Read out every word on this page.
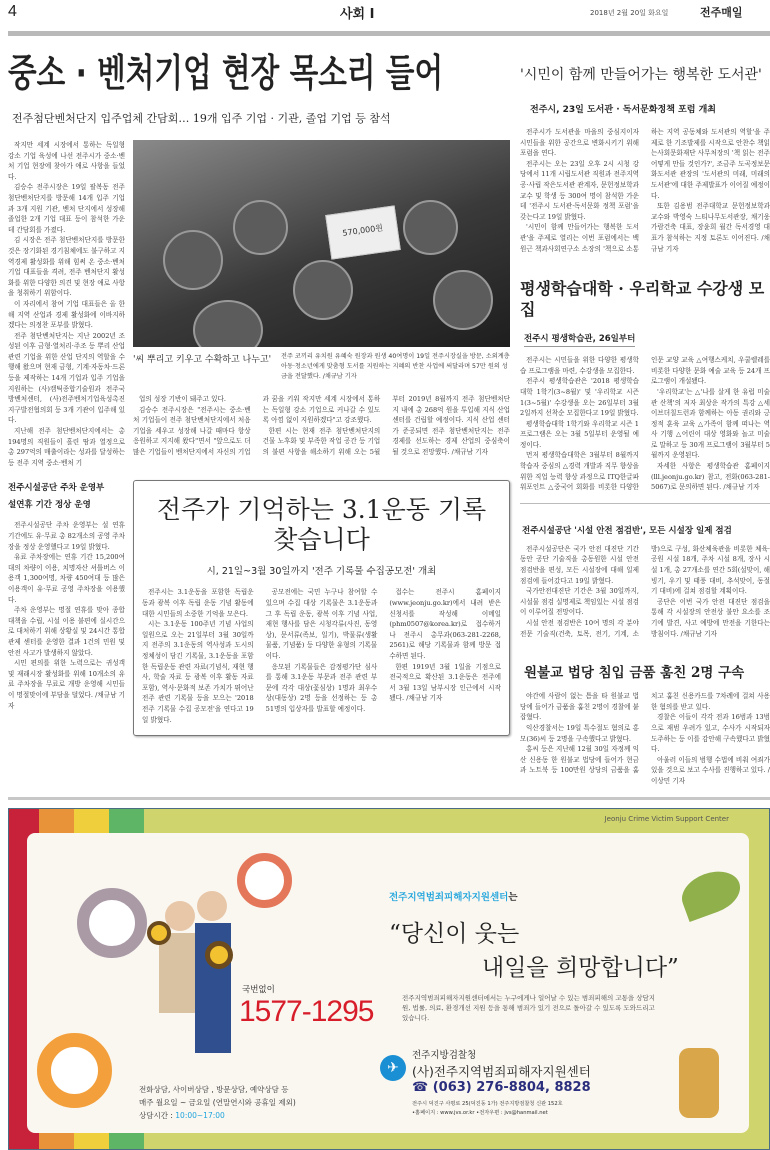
4	사회 I	2018년 2월 20일 화요일	전주매일
중소 · 벤처기업 현장 목소리 들어
전주첨단벤처단지 입주업체 간담회… 19개 입주 기업 · 기관, 졸업 기업 등 참석

작지만 세계 시장에서 통하는 독일형 강소 기업 육성에 나선 전주시가 중소·벤처 기업 현장에 찾아가 애로 사항을 들었다.

김승수 전주시장은 19일 팔복동 전주 첨단벤처단지를 방문해 14개 입주 기업과 3개 지원 기관, 벤처 단지에서 성장해 졸업한 2개 기업 대표 등이 참석한 가운데 간담회를 가졌다.

김 시장은 전주 첨단벤처단지를 방문한 것은 장기화된 경기침체에도 불구하고 지역경제 활성화를 위해 힘써 온 중소·벤처기업 대표들을 격려, 전주 벤처단지 활성화를 위한 다양한 의견 및 현장 애로 사항을 청취하기 위함이다.

이 자리에서 참여 기업 대표들은 올 한해 지역 산업과 경제 활성화에 이바지하겠다는 의정찬 포부를 밝혔다.

전주 첨단벤처단지는 지난 2002년 조성된 이후 금형·열처리·주조 등 뿌리 산업 관련 기업을 위한 산업 단지의 역할을 수행해 왔으며 현재 금형, 기계·자동차·드론 등을 제작하는 14개 기업과 입주 기업을 지원하는 (사)캠틱종합기술원과 전주국방벤처센터, (사)전주벤처기업육성촉진지구발전협의회 등 3개 기관이 입주해 있다.

지난해 전주 첨단벤처단지에서는 총 194명의 직원들이 흘린 땀과 열정으로 총 297억의 매출이라는 성과를 달성하는 등 전주 지역 중소·벤처 기

570,000원
'씨 뿌리고 키우고 수확하고 나누고'	전주 코끼리 유치원 유혜숙 원장과 원생 40여명이 19일 전주시장실을 방문, 소외계층 아동·청소년에게 맞춤형 도서를 지원하는 지혜의 반찬 사업에 써달라며 57만 원의 성금을 전달했다. /채규남 기자

업의 성장 기반이 돼주고 있다.

김승수 전주시장은 "전주시는 중소·벤처 기업들이 전주 첨단벤처단지에서 처음 기업을 세우고 성장해 나갈 때마다 항상 응원하고 지지해 왔다"면서 "앞으로도 더 많은 기업들이 벤처단지에서 자신의 기업과 꿈을 키워 작지만 세계 시장에서 통하는 독일형 강소 기업으로 커나갈 수 있도록 아낌 없이 지원하겠다"고 강조했다.

한편 시는 현재 전주 첨단벤처단지의 건물 노후화 및 부족한 작업 공간 등 기업의 불편 사항을 해소하기 위해 오는 5월부터 2019년 8월까지 전주 첨단벤처단지 내에 총 268억 원을 투입해 지식 산업 센터를 건립할 예정이다. 지식 산업 센터가 준공되면 전주 첨단벤처단지는 전주 경제를 선도하는 경제 산업의 중심축이 될 것으로 전망했다. /채규남 기자

전주시설공단 주차 운영부
설연휴 기간 정상 운영

전주시설공단 주차 운영부는 설 연휴 기간에도 유·무료 총 82개소의 공영 주차장을 정상 운영했다고 19일 밝혔다.

유료 주차장에는 연휴 기간 15,200여 대의 차량이 이용, 치명자산 셔틀버스 이용객 1,300여명, 차량 450여대 등 많은 이용객이 유·무료 공영 주차장을 이용했다.

주차 운영부는 명절 연휴를 맞아 종합 대책을 수립, 시설 이용 불편에 실시간으로 대처하기 위해 상황실 및 24시간 통합 관제 센터를 운영한 결과 1건의 민원 및 안전 사고가 발생하지 않았다.

시민 편의를 위한 노력으로는 귀성객 및 재래시장 활성화를 위해 10개소의 유료 주차장을 무료로 개방 운영해 시민들이 명절맞이에 부담을 덜었다. /채규남 기자

전주가 기억하는 3.1운동 기록 찾습니다
시, 21일~3월 30일까지 '전주 기록물 수집공모전' 개최

전주시는 3.1운동을 포함한 독립운동과 광복 이후 독립 운동 기념 활동에 대한 시민들의 소중한 기억을 모은다.

시는 3.1운동 100주년 기념 사업의 일원으로 오는 21일부터 3월 30일까지 전주의 3.1운동의 역사성과 도시의 정체성이 담긴 기록물, 3.1운동을 포함한 독립운동 관련 자료(기념식, 재현 행사, 학술 자료 등 광복 이후 활동 자료 포함), 역사·문화적 보존 가치가 뛰어난 전주 관련 기록물 등을 모으는 '2018 전주 기록물 수집 공모전'을 연다고 19일 밝혔다.

공모전에는 국민 누구나 참여할 수 있으며 수집 대상 기록물은 3.1운동과 그 후 독립 운동, 광복 이후 기념 사업, 재현 행사를 담은 시청각류(사진, 동영상), 문서류(족보, 일기), 박물류(생활 물품, 기념품) 등 다양한 유형의 기록물이다.

응모된 기록물들은 감정평가단 심사를 통해 3.1운동 부문과 전주 관련 부문에 각각 대상(꽃심상) 1명과 최우수상(대동상) 2명 등을 선정하는 등 총 51명의 입상자를 발표할 예정이다.

접수는 전주시 홈페이지(www.jeonju.go.kr)에서 내려 받은 신청서를 작성해 이메일(phm0507@korea.kr)로 접수하거나 전주시 총무과(063-281-2268, 2561)로 해당 기록물과 함께 방문 접수하면 된다.

한편 1919년 3월 1일을 기점으로 전국적으로 확산된 3.1운동은 전주에서 3월 13일 남부시장 인근에서 시작됐다. /채규남 기자

'시민이 함께 만들어가는 행복한 도서관'
전주시, 23일 도서관 · 독서문화정책 포럼 개최

전주시가 도서관을 마을의 중심지이자 시민들을 위한 공간으로 변화시키기 위해 포럼을 연다.

전주시는 오는 23일 오후 2시 시청 강당에서 11개 시립도서관 직원과 전주지역 공·사립 작은도서관 관계자, 문헌정보학과 교수 및 학생 등 300여 명이 참석한 가운데 '전주시 도서관·독서문화 정책 포럼'을 갖는다고 19일 밝혔다.

'시민이 함께 만들어가는 행복한 도서관'을 주제로 열리는 이번 포럼에서는 백원근 책과사회연구소 소장의 '책으로 소통하는 지역 공동체와 도서관의 역할'을 주제로 한 기조발제를 시작으로 안찬수 책읽는사회문화재단 사무처장의 '책 읽는 전주 어떻게 만들 것인가?', 조금주 도곡정보문화도서관 관장의 '도서관의 미래, 미래의 도서관'에 대한 주제발표가 이어질 예정이다.

또한 김용범 전주대학교 문헌정보학과 교수와 박영숙 느티나무도서관장, 채기웅 가람건축 대표, 장윤희 월간 독서경영 대표가 참석하는 지정 토론도 이어진다. /채규남 기자

평생학습대학 · 우리학교 수강생 모집
전주시 평생학습관, 26일부터

전주시는 시민들을 위한 다양한 평생학습 프로그램을 마련, 수강생을 모집한다.

전주시 평생학습관은 '2018 평생학습대학 1학기(3~8월)' 및 '우리학교 시즌 1(3~5월)' 수강생을 오는 26일부터 3월 2일까지 선착순 모집한다고 19일 밝혔다.

평생학습대학 1학기와 우리학교 시즌 1 프로그램은 오는 3월 5일부터 운영될 예정이다.

먼저 평생학습대학은 3월부터 8월까지 학습자 중심의 △경력 개발과 직무 향상을 위한 직업 능력 향상 과정으로 ITQ한글파워포인트 △중국어 회화를 비롯한 다양한 인문 교양 교육 △여행스케치, 우쿨렐레를 비롯한 다양한 문화 예술 교육 등 24개 프로그램이 개설됐다.

'우리학교'는 △'나를 살게 한 유럽 미술관 산책'의 저자 최상운 작가의 특강 △세이브더칠드런과 함께하는 아동 권리와 긍정적 훈육 교육 △가족이 함께 떠나는 역사 기행 △어린이 대상 영화와 놀고 미술로 말하고 등 30개 프로그램이 3월부터 5월까지 운영된다.

자세한 사항은 평생학습관 홈페이지(lll.jeonju.go.kr) 참고, 전화(063-281-5067)로 문의하면 된다. /채규남 기자

전주시설공단 '시설 안전 점검반', 모든 시설장 일제 점검

전주시설공단은 국가 안전 대진단 기간 동안 공단 기술직을 총동원한 시설 안전 점검반을 편성, 모든 시설장에 대해 일제 점검에 들어갔다고 19일 밝혔다.

국가안전대진단 기간은 3월 30일까지, 시설물 점검 실명제로 책임있는 시설 점검이 이루어질 전망이다.

시설 안전 점검반은 10여 명의 각 분야 전문 기술직(건축, 토목, 전기, 기계, 소방)으로 구성, 화산체육관을 비롯한 체육·공원 시설 18개, 주차 시설 8개, 장사 시설 1개, 총 27개소를 연간 5회(설맞이, 해빙기, 우기 및 태풍 대비, 추석맞이, 동절기 대비)에 걸쳐 점검할 계획이다.

공단은 이번 국가 안전 대진단 점검을 통해 각 시설장의 안전상 불안 요소를 조기에 발견, 사고 예방에 만전을 기한다는 방침이다. /채규남 기자

원불교 법당 침입 금품 훔친 2명 구속

야간에 사람이 없는 틈을 타 원불교 법당에 들어가 금품을 훔친 2명이 경찰에 붙잡혔다.

익산경찰서는 19일 특수절도 혐의로 홍모(36)씨 등 2명을 구속했다고 밝혔다.

홍씨 등은 지난해 12월 30일 자정께 익산 신용동 한 원불교 법당에 들어가 현금과 노트북 등 100만원 상당의 금품을 훔치고 훔친 신용카드를 7차례에 걸쳐 사용한 혐의를 받고 있다.

경찰은 이들이 각각 전과 16범과 13범으로 재범 우려가 있고, 수사가 시작되자 도주하는 등 이를 감안해 구속했다고 밝혔다.

아울러 이들의 범행 수법에 비춰 여죄가 있을 것으로 보고 수사를 진행하고 있다. /이상민 기자

Jeonju Crime Victim Support Center
전주지역범죄피해자지원센터는
“당신이 웃는
내일을 희망합니다”
전주지역범죄피해자지원센터에서는 누구에게나 일어날 수 있는 범죄피해의 고통을 상담지원, 법률, 의료, 환경개선 지원 등을 통해 범죄가 있기 전으로 돌아갈 수 있도록 도와드리고 있습니다.
국번없이
1577-1295
전화상담, 사이버상담 , 방문상담, 예약상담 등
매주 월요일 ~ 금요일 (연말연시와 공휴일 제외)
상담시간 : 10:00~17:00
✈
전주지방검찰청
(사)전주지역범죄피해자지원센터
☎ (063) 276-8804, 8828
전주시 덕진구 사평로 25(덕진동 1가) 전주지방검찰청 신관 152호
•홈페이지 : www.jvs.or.kr •전자우편 : jvs@hanmail.net
